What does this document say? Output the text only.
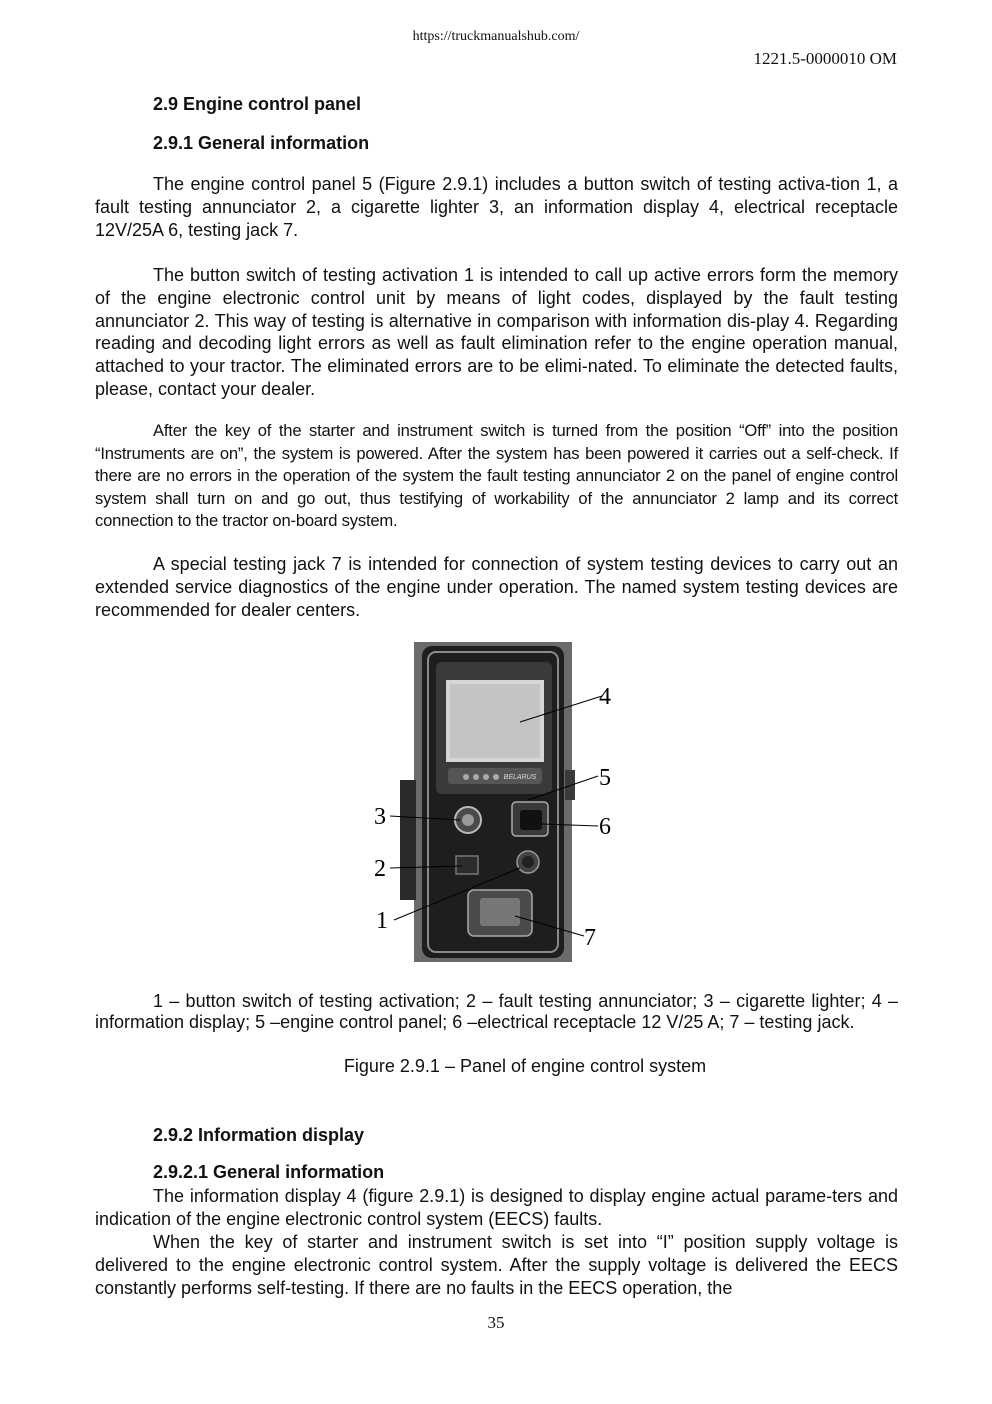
https://truckmanualshub.com/
1221.5-0000010 OM
2.9 Engine control panel
2.9.1 General information

The engine control panel 5 (Figure 2.9.1) includes a button switch of testing activa-tion 1, a fault testing annunciator 2, a cigarette lighter 3, an information display 4, electrical receptacle 12V/25A 6, testing jack 7.

The button switch of testing activation 1 is intended to call up active errors form the memory of the engine electronic control unit by means of light codes, displayed by the fault testing annunciator 2. This way of testing is alternative in comparison with information dis-play 4. Regarding reading and decoding light errors as well as fault elimination refer to the engine operation manual, attached to your tractor. The eliminated errors are to be elimi-nated. To eliminate the detected faults, please, contact your dealer.

After the key of the starter and instrument switch is turned from the position “Off” into the position “Instruments are on”, the system is powered. After the system has been powered it carries out a self-check. If there are no errors in the operation of the system the fault testing annunciator 2 on the panel of engine control system shall turn on and go out, thus testifying of workability of the annunciator 2 lamp and its correct connection to the tractor on-board system.

A special testing jack 7 is intended for connection of system testing devices to carry out an extended service diagnostics of the engine under operation. The named system testing devices are recommended for dealer centers.

BELARUS
4
5
6
3
2
1
7

1 – button switch of testing activation; 2 – fault testing annunciator; 3 – cigarette lighter; 4 – information display; 5 –engine control panel; 6 –electrical receptacle 12 V/25 A; 7 – testing jack.

Figure 2.9.1 – Panel of engine control system
2.9.2 Information display
2.9.2.1 General information

The information display 4 (figure 2.9.1) is designed to display engine actual parame-ters and indication of the engine electronic control system (EECS) faults.

When the key of starter and instrument switch is set into “I” position supply voltage is delivered to the engine electronic control system. After the supply voltage is delivered the EECS constantly performs self-testing. If there are no faults in the EECS operation, the

35
